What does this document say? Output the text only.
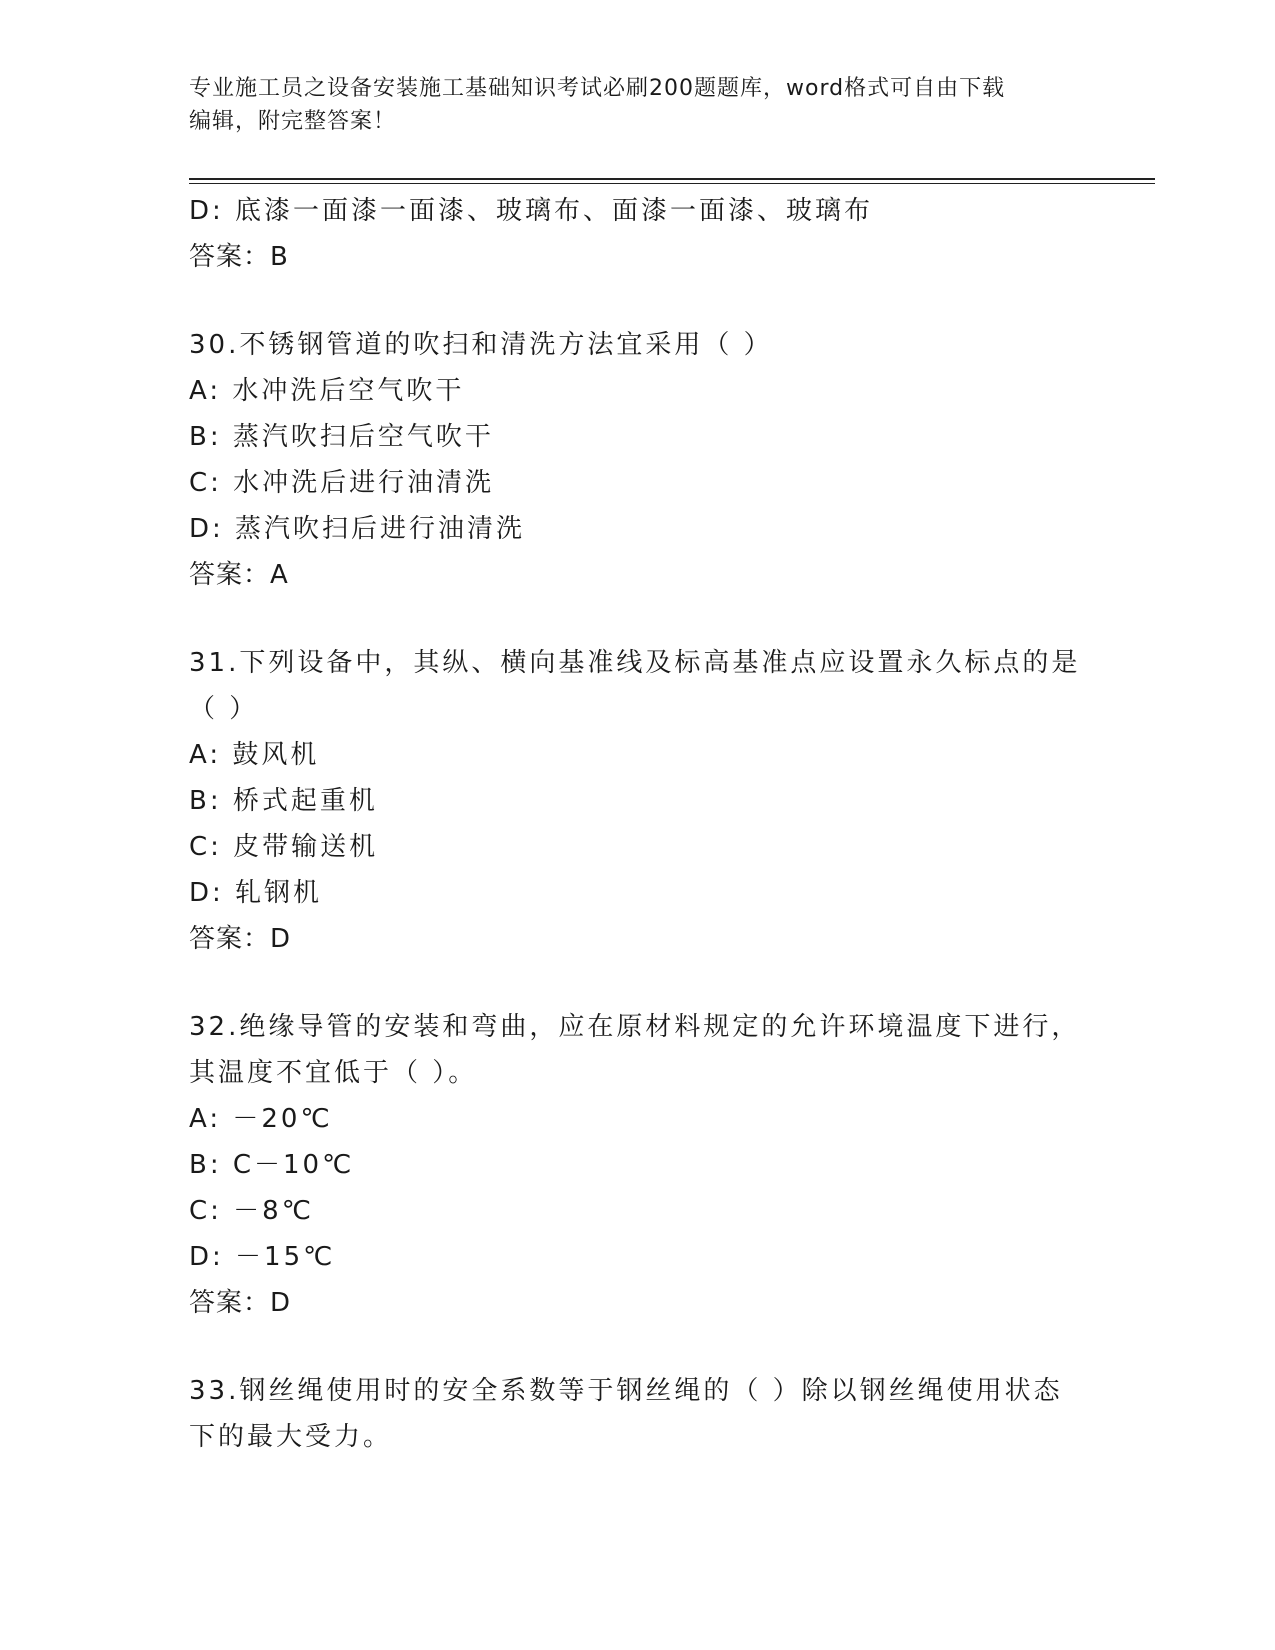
专业施工员之设备安装施工基础知识考试必刷200题题库，word格式可自由下载
编辑，附完整答案！
D: 底漆一面漆一面漆、玻璃布、面漆一面漆、玻璃布
答案：B
30.不锈钢管道的吹扫和清洗方法宜采用（ ）
A: 水冲洗后空气吹干
B: 蒸汽吹扫后空气吹干
C: 水冲洗后进行油清洗
D: 蒸汽吹扫后进行油清洗
答案：A
31.下列设备中，其纵、横向基准线及标高基准点应设置永久标点的是
（ ）
A: 鼓风机
B: 桥式起重机
C: 皮带输送机
D: 轧钢机
答案：D
32.绝缘导管的安装和弯曲，应在原材料规定的允许环境温度下进行，
其温度不宜低于（ ）。
A: －20℃
B: C－10℃
C: －8℃
D: －15℃
答案：D
33.钢丝绳使用时的安全系数等于钢丝绳的（ ）除以钢丝绳使用状态
下的最大受力。
